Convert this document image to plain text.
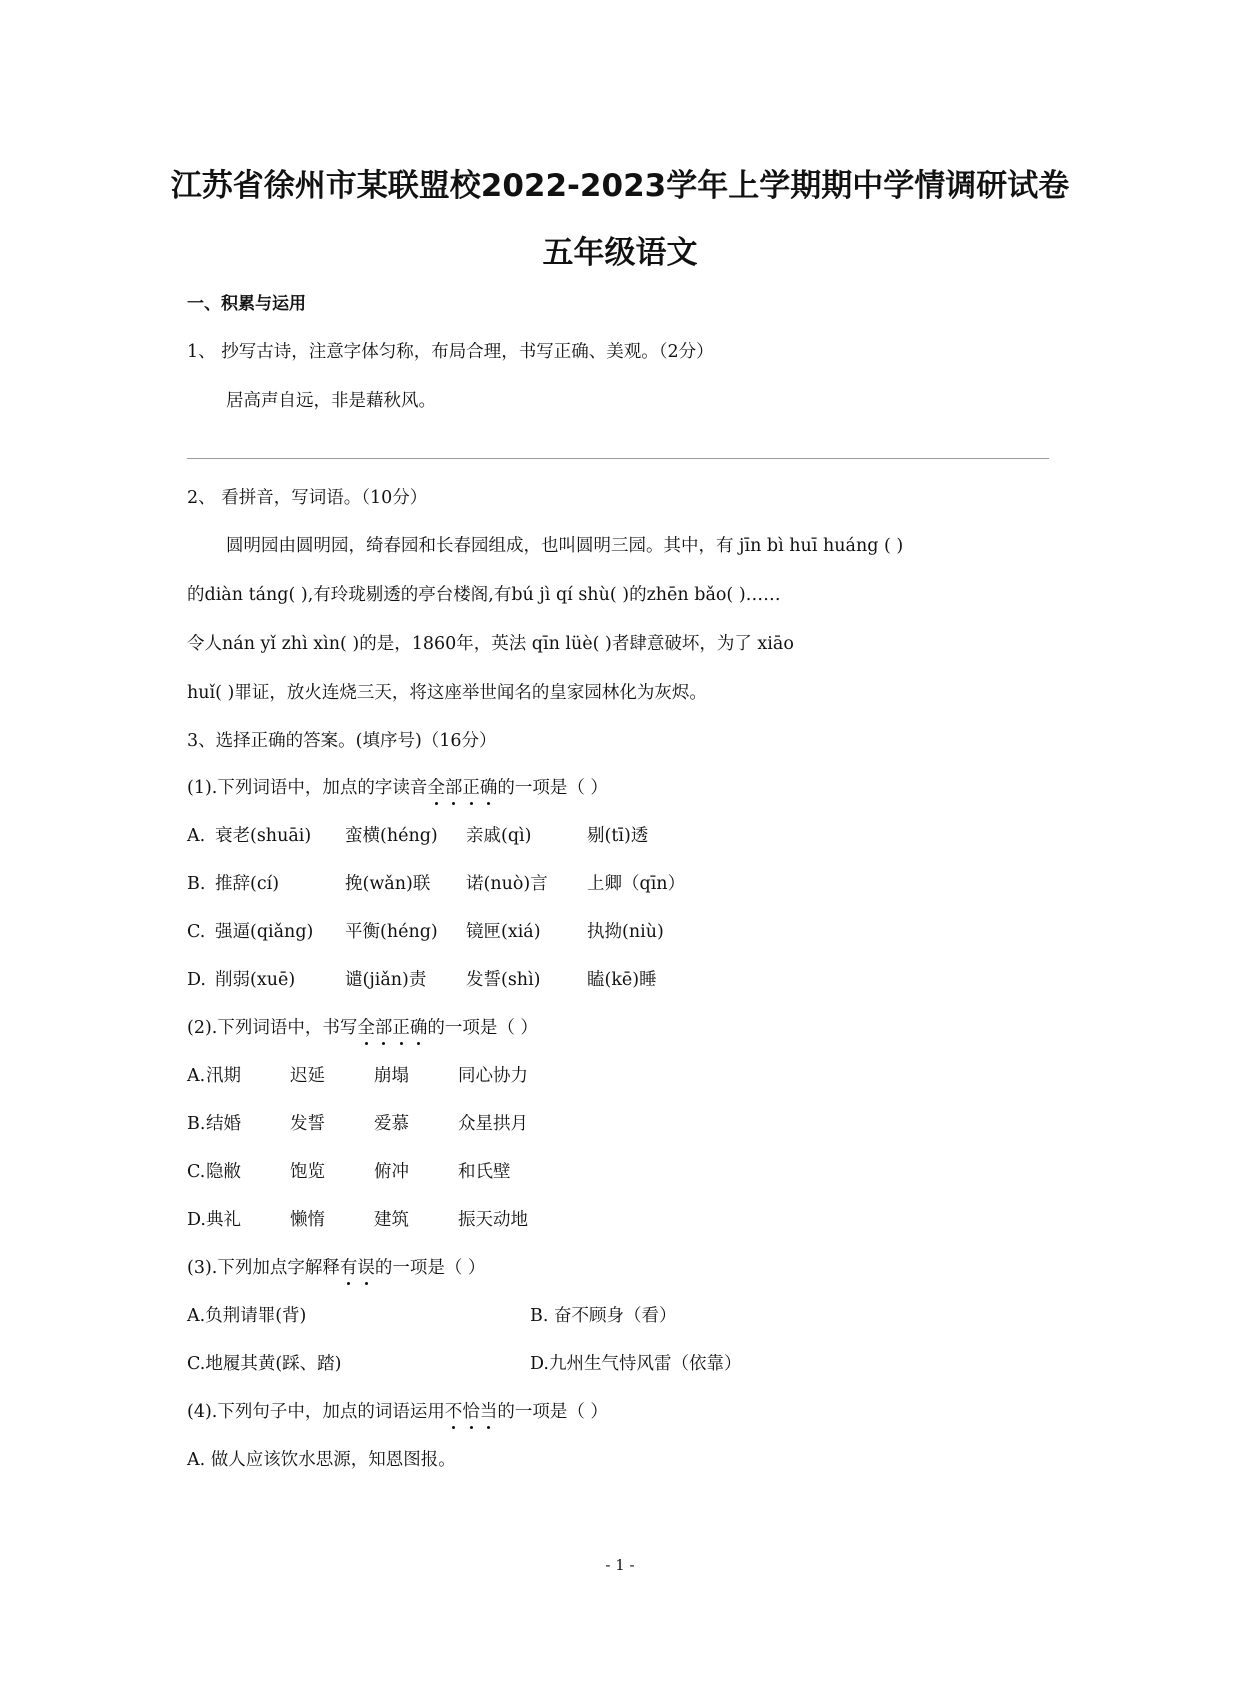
江苏省徐州市某联盟校2022-2023学年上学期期中学情调研试卷
五年级语文
一、积累与运用
1、 抄写古诗，注意字体匀称，布局合理，书写正确、美观。（2分）
居高声自远，非是藉秋风。
2、 看拼音，写词语。（10分）
圆明园由圆明园，绮春园和长春园组成，也叫圆明三园。其中，有 jīn bì huī huáng ( )
的diàn táng( ),有玲珑剔透的亭台楼阁,有bú jì qí shù( )的zhēn bǎo( )……
令人nán yǐ zhì xìn( )的是，1860年，英法 qīn lüè( )者肆意破坏，为了 xiāo
huǐ( )罪证，放火连烧三天，将这座举世闻名的皇家园林化为灰烬。
3、选择正确的答案。(填序号)（16分）
(1).下列词语中，加点的字读音全部正确的一项是（ ）
A. 衰老(shuāi) 蛮横(héng) 亲戚(qì)	剔(tī)透
B. 推辞(cí)	挽(wǎn)联 诺(nuò)言 上卿（qīn）
C. 强逼(qiǎng) 平衡(héng) 镜匣(xiá)	执拗(niù)
D. 削弱(xuē)	谴(jiǎn)责 发誓(shì)	瞌(kē)睡
(2).下列词语中，书写全部正确的一项是（ ）
A. 汛期	迟延	崩塌	同心协力
B. 结婚	发誓	爱慕	众星拱月
C. 隐敝	饱览	俯冲	和氏壁
D. 典礼	懒惰	建筑	振天动地
(3).下列加点字解释有误的一项是（ ）
A.负荆请罪(背)	B. 奋不顾身（看）
C.地履其黄(踩、踏)	D.九州生气恃风雷（依靠）
(4).下列句子中，加点的词语运用不恰当的一项是（ ）
A. 做人应该饮水思源，知恩图报。
- 1 -
